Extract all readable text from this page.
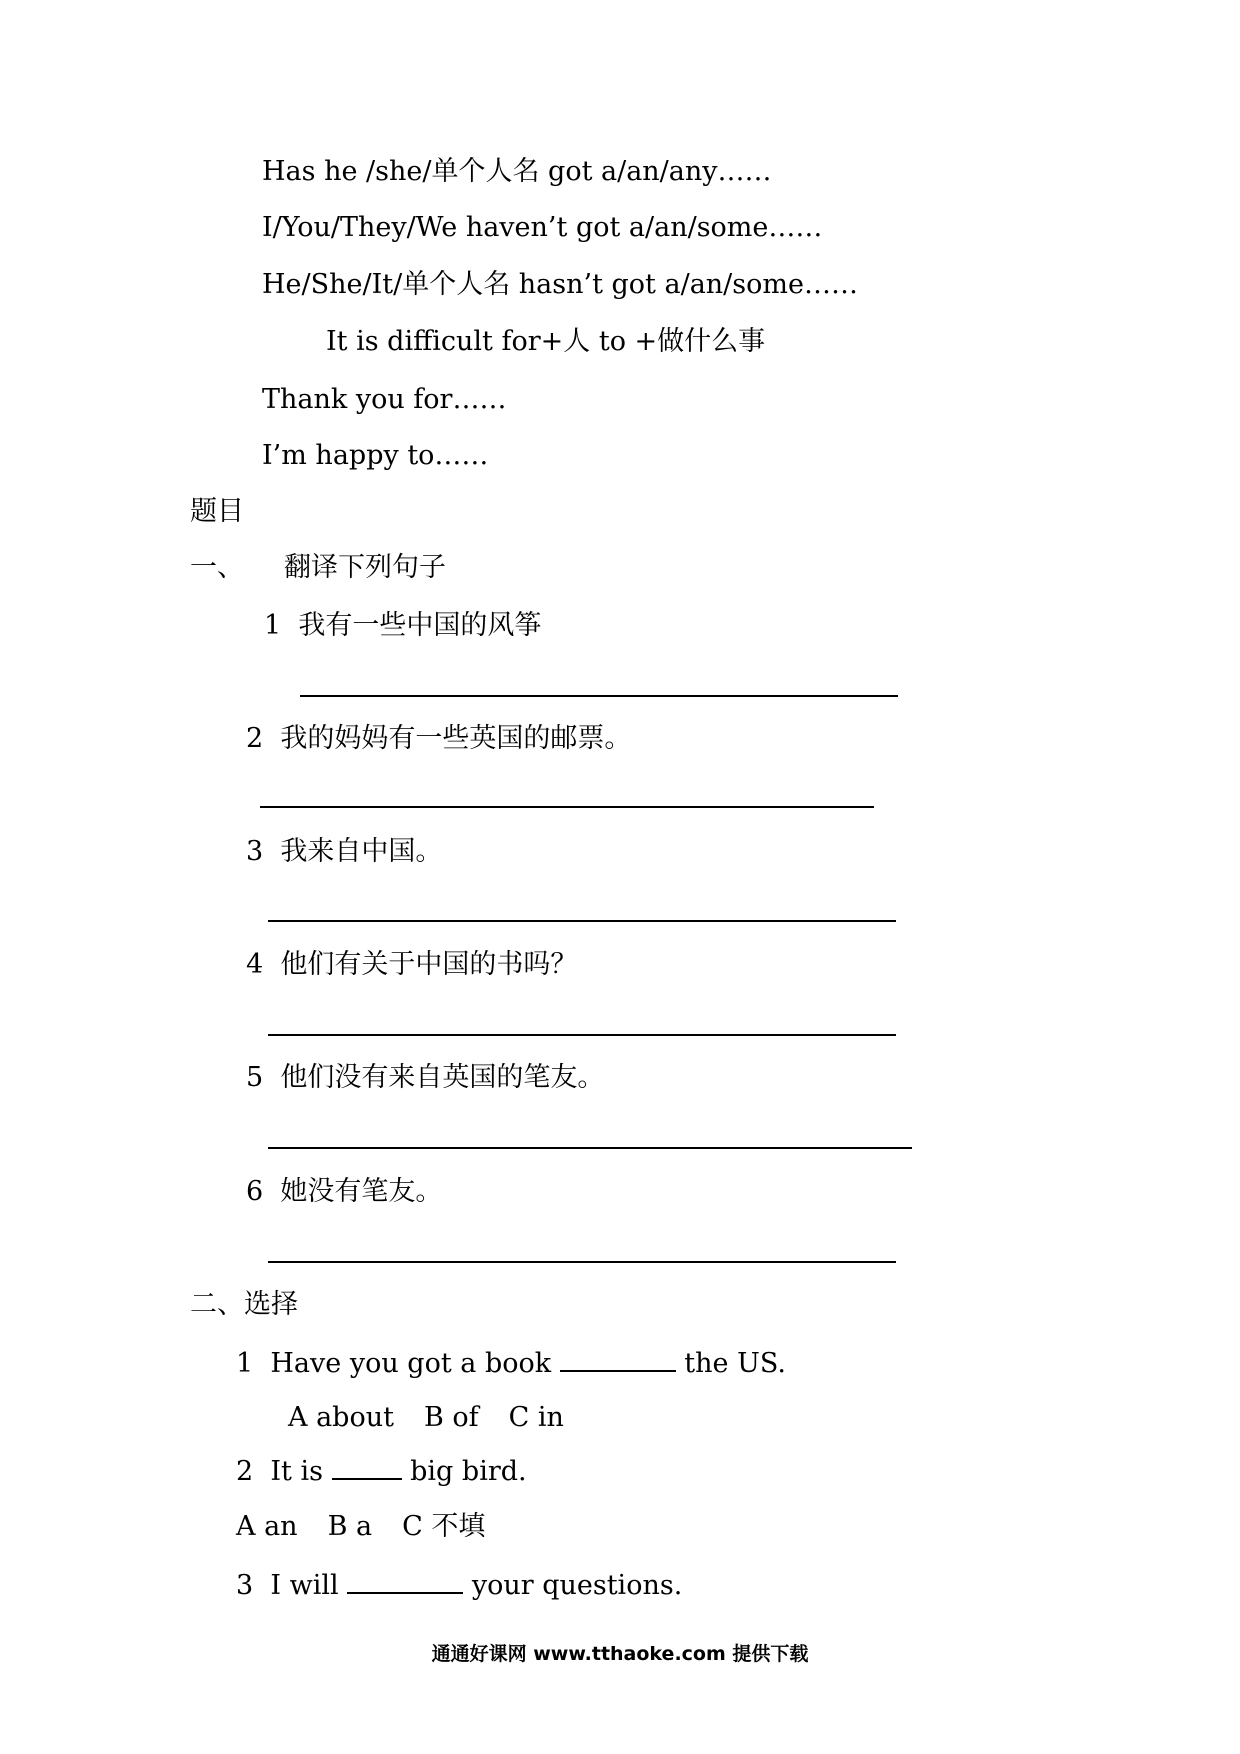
Has he /she/单个人名 got a/an/any……
I/You/They/We haven’t got a/an/some……
He/She/It/单个人名 hasn’t got a/an/some……
It is difficult for+人 to +做什么事
Thank you for……
I’m happy to……
题目
一、 翻译下列句子
1 我有一些中国的风筝
2 我的妈妈有一些英国的邮票。
3 我来自中国。
4 他们有关于中国的书吗？
5 他们没有来自英国的笔友。
6 她没有笔友。
二、选择
1 Have you got a book	the US.
A about B of C in
2 It is	big bird.
A an B a C 不填
3 I will	your questions.
通通好课网 www.tthaoke.com 提供下载
